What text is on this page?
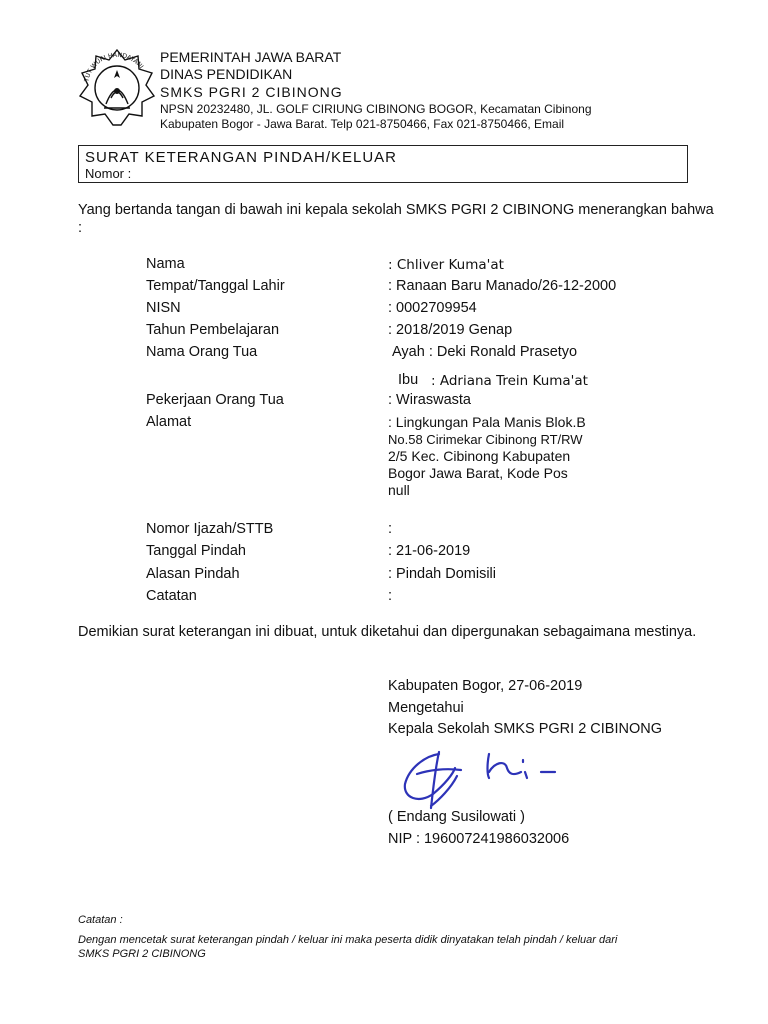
TUT WURI HANDAYANI
PEMERINTAH JAWA BARAT
DINAS PENDIDIKAN
SMKS PGRI 2 CIBINONG
NPSN 20232480, JL. GOLF CIRIUNG CIBINONG BOGOR, Kecamatan Cibinong
Kabupaten Bogor - Jawa Barat. Telp 021-8750466, Fax 021-8750466, Email
SURAT KETERANGAN PINDAH/KELUAR
Nomor :
Yang bertanda tangan di bawah ini kepala sekolah SMKS PGRI 2 CIBINONG menerangkan bahwa :
Nama	: Chliver Kuma'at
Tempat/Tanggal Lahir	: Ranaan Baru Manado/26-12-2000
NISN	: 0002709954
Tahun Pembelajaran	: 2018/2019 Genap
Nama Orang Tua	Ayah : Deki Ronald Prasetyo
Ibu : Adriana Trein Kuma'at
Pekerjaan Orang Tua	: Wiraswasta
Alamat	: Lingkungan Pala Manis Blok.B
No.58 Cirimekar Cibinong RT/RW
2/5 Kec. Cibinong Kabupaten
Bogor Jawa Barat, Kode Pos
null
Nomor Ijazah/STTB	:
Tanggal Pindah	: 21-06-2019
Alasan Pindah	: Pindah Domisili
Catatan	:
Demikian surat keterangan ini dibuat, untuk diketahui dan dipergunakan sebagaimana mestinya.
Kabupaten Bogor, 27-06-2019
Mengetahui
Kepala Sekolah SMKS PGRI 2 CIBINONG
( Endang Susilowati )
NIP : 196007241986032006
Catatan :
Dengan mencetak surat keterangan pindah / keluar ini maka peserta didik dinyatakan telah pindah / keluar dari
SMKS PGRI 2 CIBINONG
